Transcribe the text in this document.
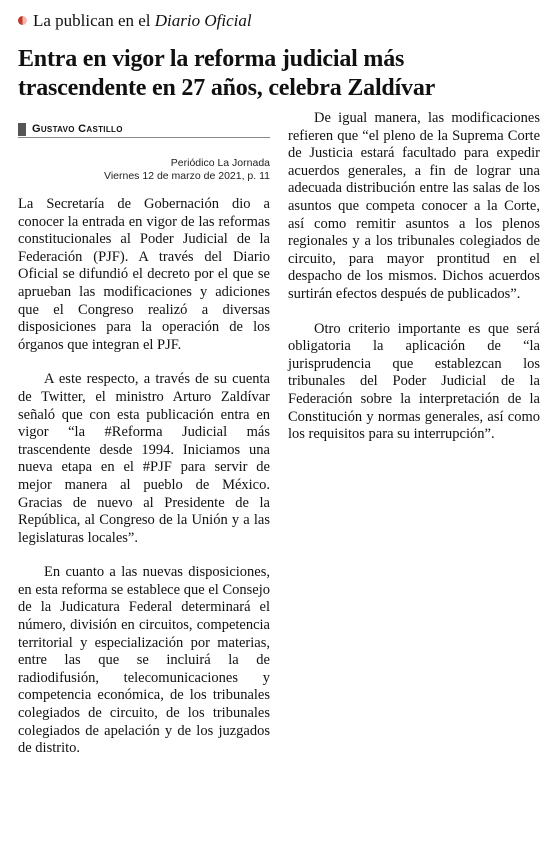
La publican en el Diario Oficial
Entra en vigor la reforma judicial más trascendente en 27 años, celebra Zaldívar
Gustavo Castillo
Periódico La Jornada
Viernes 12 de marzo de 2021, p. 11

La Secretaría de Gobernación dio a conocer la entrada en vigor de las reformas constitucionales al Poder Judicial de la Federación (PJF). A través del Diario Oficial se difundió el decreto por el que se aprueban las modificaciones y adiciones que el Congreso realizó a diversas disposiciones para la operación de los órganos que integran el PJF.

A este respecto, a través de su cuenta de Twitter, el ministro Arturo Zaldívar señaló que con esta publicación entra en vigor “la #Reforma Judicial más trascendente desde 1994. Iniciamos una nueva etapa en el #PJF para servir de mejor manera al pueblo de México. Gracias de nuevo al Presidente de la República, al Congreso de la Unión y a las legislaturas locales”.

En cuanto a las nuevas disposiciones, en esta reforma se establece que el Consejo de la Judicatura Federal determinará el número, división en circuitos, competencia territorial y especialización por materias, entre las que se incluirá la de radiodifusión, telecomunicaciones y competencia económica, de los tribunales colegiados de circuito, de los tribunales colegiados de apelación y de los juzgados de distrito.

De igual manera, las modificaciones refieren que “el pleno de la Suprema Corte de Justicia estará facultado para expedir acuerdos generales, a fin de lograr una adecuada distribución entre las salas de los asuntos que competa conocer a la Corte, así como remitir asuntos a los plenos regionales y a los tribunales colegiados de circuito, para mayor prontitud en el despacho de los mismos. Dichos acuerdos surtirán efectos después de publicados”.

Otro criterio importante es que será obligatoria la aplicación de “la jurisprudencia que establezcan los tribunales del Poder Judicial de la Federación sobre la interpretación de la Constitución y normas generales, así como los requisitos para su interrupción”.
